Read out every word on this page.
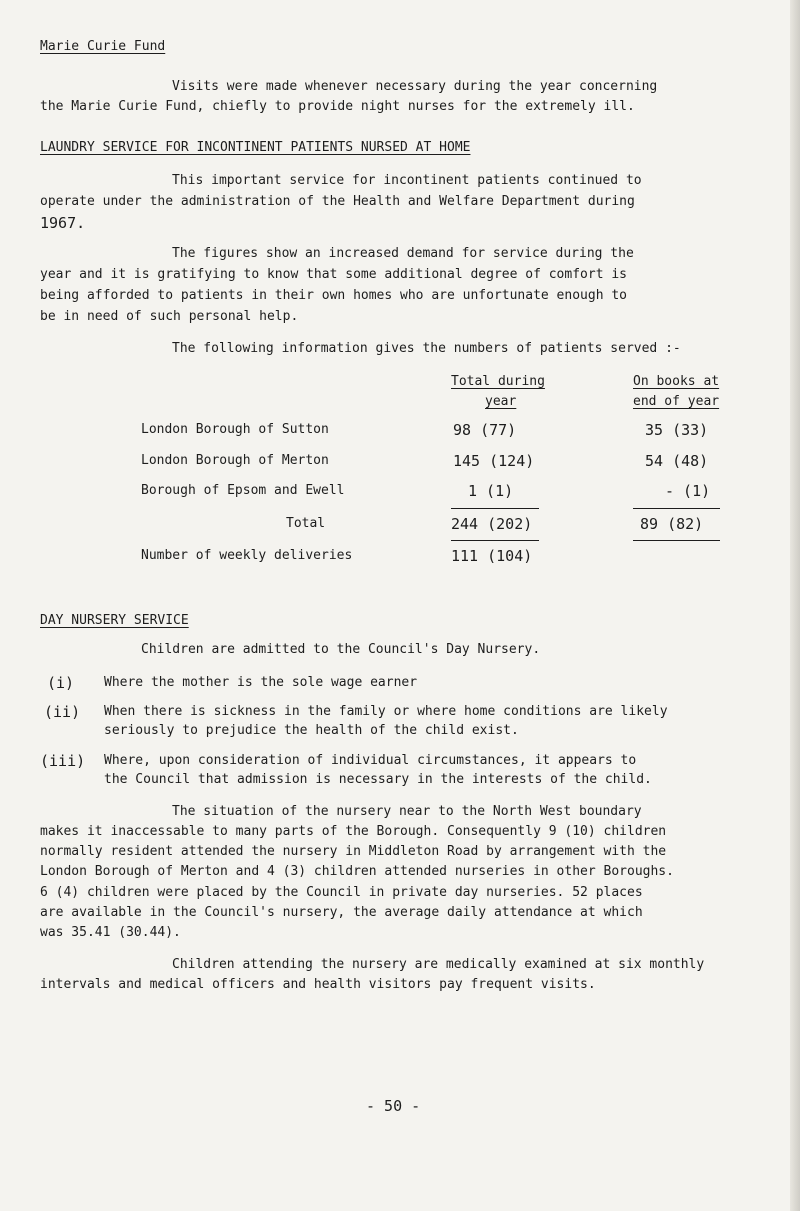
Marie Curie Fund
Visits were made whenever necessary during the year concerning
the Marie Curie Fund, chiefly to provide night nurses for the extremely ill.
LAUNDRY SERVICE FOR INCONTINENT PATIENTS NURSED AT HOME
This important service for incontinent patients continued to
operate under the administration of the Health and Welfare Department during
1967.
The figures show an increased demand for service during the
year and it is gratifying to know that some additional degree of comfort is
being afforded to patients in their own homes who are unfortunate enough to
be in need of such personal help.
The following information gives the numbers of patients served :-
Total during
year
On books at
end of year
London Borough of Sutton	98 (77)	35 (33)
London Borough of Merton	145 (124)	54 (48)
Borough of Epsom and Ewell	1 (1)	- (1)
Total	244 (202)	89 (82)
Number of weekly deliveries	111 (104)
DAY NURSERY SERVICE
Children are admitted to the Council's Day Nursery.
(i) Where the mother is the sole wage earner
(ii) When there is sickness in the family or where home conditions are likely
seriously to prejudice the health of the child exist.
(iii) Where, upon consideration of individual circumstances, it appears to
the Council that admission is necessary in the interests of the child.
The situation of the nursery near to the North West boundary
makes it inaccessable to many parts of the Borough. Consequently 9 (10) children
normally resident attended the nursery in Middleton Road by arrangement with the
London Borough of Merton and 4 (3) children attended nurseries in other Boroughs.
6 (4) children were placed by the Council in private day nurseries. 52 places
are available in the Council's nursery, the average daily attendance at which
was 35.41 (30.44).
Children attending the nursery are medically examined at six monthly
intervals and medical officers and health visitors pay frequent visits.
- 50 -
